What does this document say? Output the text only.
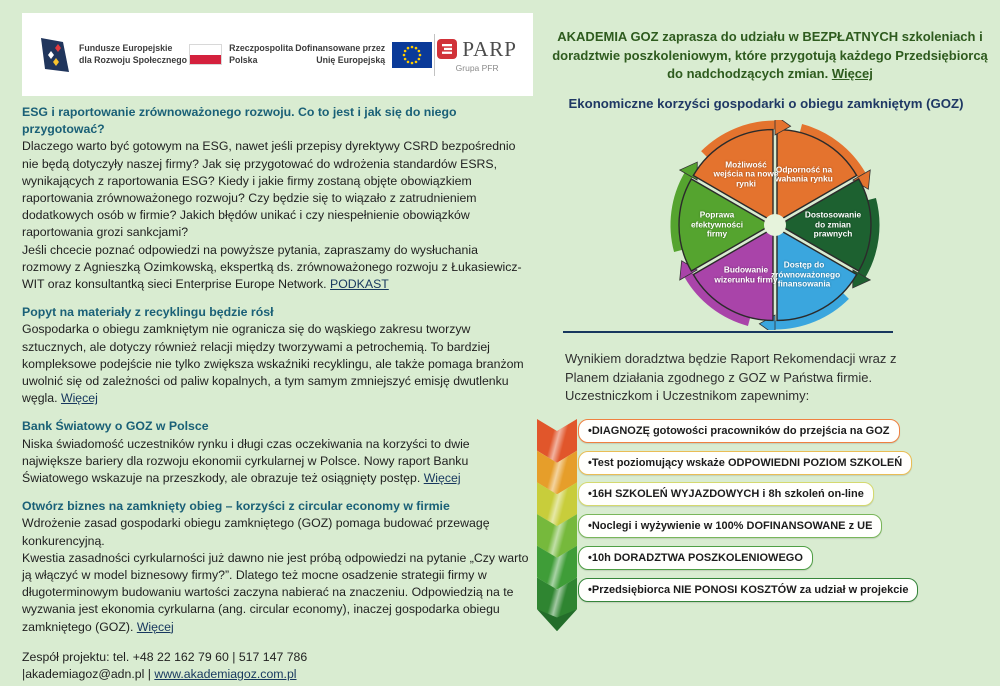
Fundusze Europejskie
dla Rozwoju Społecznego
Rzeczpospolita
Polska
Dofinansowane przez
Unię Europejską	PARP
Grupa PFR
ESG i raportowanie zrównoważonego rozwoju. Co to jest i jak się do niego przygotować?

Dlaczego warto być gotowym na ESG, nawet jeśli przepisy dyrektywy CSRD bezpośrednio nie będą dotyczyły naszej firmy? Jak się przygotować do wdrożenia standardów ESRS, wynikających z raportowania ESG? Kiedy i jakie firmy zostaną objęte obowiązkiem raportowania zrównoważonego rozwoju? Czy będzie się to wiązało z zatrudnieniem dodatkowych osób w firmie? Jakich błędów unikać i czy niespełnienie obowiązków raportowania grozi sankcjami?

Jeśli chcecie poznać odpowiedzi na powyższe pytania, zapraszamy do wysłuchania rozmowy z Agnieszką Ozimkowską, ekspertką ds. zrównoważonego rozwoju z Łukasiewicz-WIT oraz konsultantką sieci Enterprise Europe Network. PODKAST

Popyt na materiały z recyklingu będzie rósł

Gospodarka o obiegu zamkniętym nie ogranicza się do wąskiego zakresu tworzyw sztucznych, ale dotyczy również relacji między tworzywami a petrochemią. To bardziej kompleksowe podejście nie tylko zwiększa wskaźniki recyklingu, ale także pomaga branżom uwolnić się od zależności od paliw kopalnych, a tym samym zmniejszyć emisję dwutlenku węgla. Więcej

Bank Światowy o GOZ w Polsce

Niska świadomość uczestników rynku i długi czas oczekiwania na korzyści to dwie największe bariery dla rozwoju ekonomii cyrkularnej w Polsce. Nowy raport Banku Światowego wskazuje na przeszkody, ale obrazuje też osiągnięty postęp. Więcej

Otwórz biznes na zamknięty obieg – korzyści z circular economy w firmie

Wdrożenie zasad gospodarki obiegu zamkniętego (GOZ) pomaga budować przewagę konkurencyjną.

Kwestia zasadności cyrkularności już dawno nie jest próbą odpowiedzi na pytanie „Czy warto ją włączyć w model biznesowy firmy?”. Dlatego też mocne osadzenie strategii firmy w długoterminowym budowaniu wartości zaczyna nabierać na znaczeniu. Odpowiedzią na te wyzwania jest ekonomia cyrkularna (ang. circular economy), inaczej gospodarka obiegu zamkniętego (GOZ). Więcej

Zespół projektu: tel. +48 22 162 79 60 | 517 147 786
|akademiagoz@adn.pl | www.akademiagoz.com.pl

AKADEMIA GOZ zaprasza do udziału w BEZPŁATNYCH szkoleniach i doradztwie poszkoleniowym, które przygotują każdego Przedsiębiorcą do nadchodzących zmian. Więcej

Ekonomiczne korzyści gospodarki o obiegu zamkniętym (GOZ)
Odporność na wahania rynku
Dostosowanie do zmian prawnych
Dostęp do zrównoważonego finansowania
Budowanie wizerunku firmy
Poprawa efektywności firmy
Możliwość wejścia na nowe rynki

Wynikiem doradztwa będzie Raport Rekomendacji wraz z Planem działania zgodnego z GOZ w Państwa firmie. Uczestniczkom i Uczestnikom zapewnimy:

•DIAGNOZĘ gotowości pracowników do przejścia na GOZ
•Test poziomujący wskaże ODPOWIEDNI POZIOM SZKOLEŃ
•16H SZKOLEŃ WYJAZDOWYCH i 8h szkoleń on-line
•Noclegi i wyżywienie w 100% DOFINANSOWANE z UE
•10h DORADZTWA POSZKOLENIOWEGO
•Przedsiębiorca NIE PONOSI KOSZTÓW za udział w projekcie
